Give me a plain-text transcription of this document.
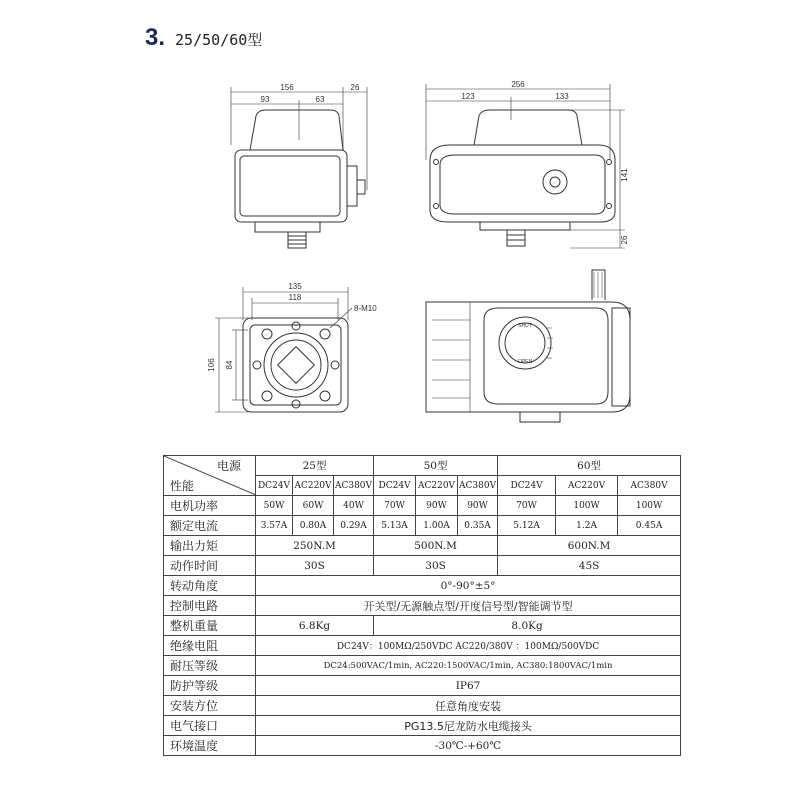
3. 25/50/60型
156
93	63
26	256
123	133
141
26
135
118
106 84
8-M10
SHUT
OPEN
电源
性能	25型			50型			60型		
	DC24V	AC220V	AC380V	DC24V	AC220V	AC380V	DC24V	AC220V	AC380V
电机功率	50W	60W	40W	70W	90W	90W	70W	100W	100W
额定电流	3.57A	0.80A	0.29A	5.13A	1.00A	0.35A	5.12A	1.2A	0.45A
输出力矩	250N.M			500N.M			600N.M		
动作时间	30S			30S			45S		
转动角度	0°-90°±5°								
控制电路	开关型/无源触点型/开度信号型/智能调节型								
整机重量	6.8Kg			8.0Kg					
绝缘电阻	DC24V：100MΩ/250VDC AC220/380V ：100MΩ/500VDC								
耐压等级	DC24:500VAC/1min, AC220:1500VAC/1min, AC380:1800VAC/1min								
防护等级	IP67								
安装方位	任意角度安装								
电气接口	PG13.5尼龙防水电缆接头								
环境温度	-30℃-+60℃								
